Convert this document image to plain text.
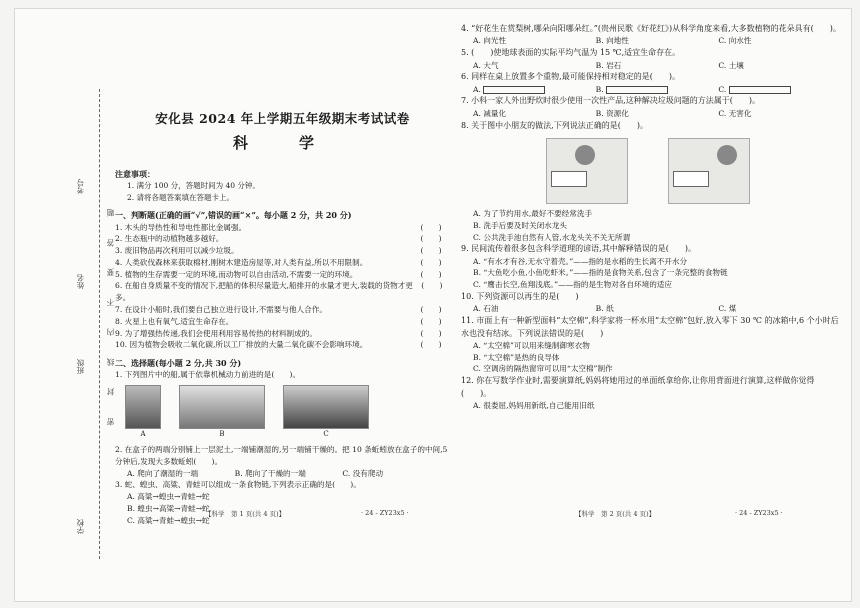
学校
班级
姓名
考号
密 封 线 内 不 要 答 题
安化县 2024 年上学期五年级期末考试试卷
科　学
注意事项：
1. 满分 100 分，答题时间为 40 分钟。
2. 请将各题答案填在答题卡上。
一、判断题(正确的画“√”,错误的画“×”。每小题 2 分，共 20 分)
1. 木头的导热性和导电性都比金属强。	(　　)
2. 生态瓶中的动植物越多越好。	(　　)
3. 废旧物品再次利用可以减少垃圾。	(　　)
4. 人类砍伐森林来获取棉材,刚树木建造房屋等,对人类有益,所以不用限制。	(　　)
5. 植物的生存需要一定的环境,而动物可以自由活动,不需要一定的环境。	(　　)
6. 在船自身质量不变的情况下,把船的体积尽量造大,船排开的水量才更大,装载的货物才更多。
(　　)
7. 在设计小船时,我们要自己独立进行设计,不需要与他人合作。	(　　)
8. 火星上也有氧气,适宜生命存在。	(　　)
9. 为了增强热传递,我们会使用利用容易传热的材料制成的。	(　　)
10. 因为植物会吸收二氧化碳,所以工厂排放的大量二氧化碳不会影响环境。	(　　)
二、选择题(每小题 2 分,共 30 分)
1. 下列图片中的船,属于依靠机械动力前进的是(　　)。
A	B	C
2. 在盒子的两端分别铺上一层泥土,一端铺潮湿的,另一端铺干燥的。把 10 条蚯蚓放在盒子的中间,5 分钟后,发现大多数蚯蚓(　　)。
A. 爬向了潮湿的一端	B. 爬向了干燥的一端	C. 没有爬动
3. 蛇、蝗虫、高粱、青蛙可以组成一条食物链,下列表示正确的是(　　)。
A. 高粱→蝗虫→青蛙→蛇
B. 蝗虫→高粱→青蛙→蛇
C. 高粱→青蛙→蝗虫→蛇
4. “好花生在赏梨树,哪朵向阳哪朵红。”(贵州民歌《好花红》)从科学角度来看,大多数植物的花朵具有(　　)。
A. 向光性	B. 向地性	C. 向水性
5. (　　)使地球表面的实际平均气温为 15 ℃,适宜生命存在。
A. 大气	B. 岩石	C. 土壤
6. 同样在桌上放置多个重物,最可能保持相对稳定的是(　　)。
A.	B.	C.
7. 小科一家人外出野炊时很少使用一次性产品,这种解决垃圾问题的方法属于(　　)。
A. 减量化	B. 资源化	C. 无害化
8. 关于图中小朋友的做法,下列说法正确的是(　　)。
A. 为了节约用水,最好不要经常洗手
B. 洗手后要及时关闭水龙头
C. 公共洗手池自然有人管,水龙头关不关无所谓
9. 民间流传着很多包含科学道理的谚语,其中解释错误的是(　　)。
A. “有水才有谷,无水守着壳。”——指的是水稻的生长离不开水分
B. “大鱼吃小鱼,小鱼吃虾米。”——指的是食物关系,包含了一条完整的食物链
C. “鹰击长空,鱼翔浅底。”——指的是生物对各自环境的适应
10. 下列资源可以再生的是(　　)
A. 石油	B. 纸	C. 煤
11. 市面上有一种新型面料“太空棉”,科学家将一杯水用“太空棉”包好,放入零下 30 ℃ 的冰箱中,6 个小时后水也没有结冰。下列说法错误的是(　　)
A. “太空棉”可以用来缝制御寒衣物
B. “太空棉”是热的良导体
C. 空调房的隔热窗帘可以用“太空棉”制作
12. 你在写数学作业时,需要演算纸,妈妈将她用过的单面纸拿给你,让你用背面进行演算,这样做你觉得(　　)。
A. 很娄屈,妈妈用新纸,自己能用旧纸
【科学　第 1 页(共 4 页)】	· 24 - ZY23x5 ·	【科学　第 2 页(共 4 页)】	· 24 - ZY23x5 ·
